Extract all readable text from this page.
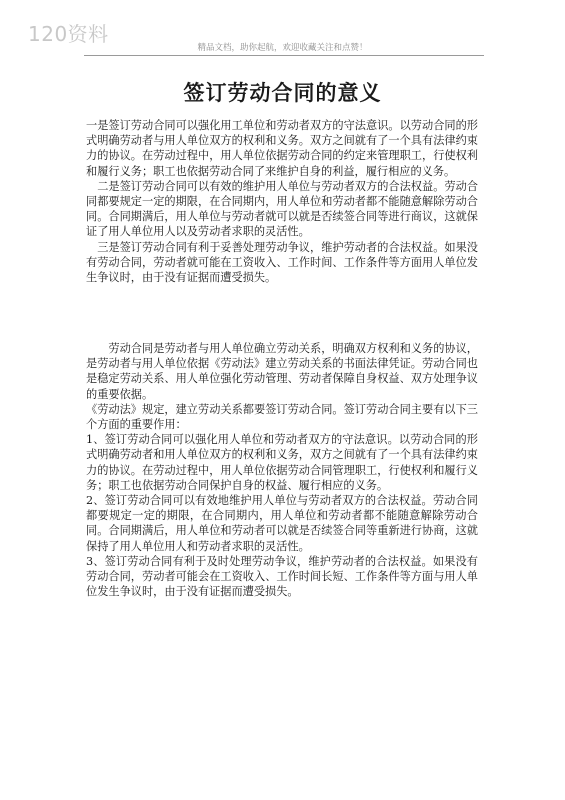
120资料
精品文档，助你起航，欢迎收藏关注和点赞！
签订劳动合同的意义

一是签订劳动合同可以强化用工单位和劳动者双方的守法意识。以劳动合同的形式明确劳动者与用人单位双方的权利和义务。双方之间就有了一个具有法律约束力的协议。在劳动过程中，用人单位依据劳动合同的约定来管理职工，行使权利和履行义务；职工也依据劳动合同了来维护自身的利益，履行相应的义务。

二是签订劳动合同可以有效的维护用人单位与劳动者双方的合法权益。劳动合同都要规定一定的期限，在合同期内，用人单位和劳动者都不能随意解除劳动合同。合同期满后，用人单位与劳动者就可以就是否续签合同等进行商议，这就保证了用人单位用人以及劳动者求职的灵活性。

三是签订劳动合同有利于妥善处理劳动争议，维护劳动者的合法权益。如果没有劳动合同，劳动者就可能在工资收入、工作时间、工作条件等方面用人单位发生争议时，由于没有证据而遭受损失。

劳动合同是劳动者与用人单位确立劳动关系，明确双方权利和义务的协议，是劳动者与用人单位依据《劳动法》建立劳动关系的书面法律凭证。劳动合同也是稳定劳动关系、用人单位强化劳动管理、劳动者保障自身权益、双方处理争议的重要依据。

《劳动法》规定，建立劳动关系都要签订劳动合同。签订劳动合同主要有以下三个方面的重要作用：

1、签订劳动合同可以强化用人单位和劳动者双方的守法意识。以劳动合同的形式明确劳动者和用人单位双方的权利和义务，双方之间就有了一个具有法律约束力的协议。在劳动过程中，用人单位依据劳动合同管理职工，行使权利和履行义务；职工也依据劳动合同保护自身的权益、履行相应的义务。

2、签订劳动合同可以有效地维护用人单位与劳动者双方的合法权益。劳动合同都要规定一定的期限，在合同期内，用人单位和劳动者都不能随意解除劳动合同。合同期满后，用人单位和劳动者可以就是否续签合同等重新进行协商，这就保持了用人单位用人和劳动者求职的灵活性。

3、签订劳动合同有利于及时处理劳动争议，维护劳动者的合法权益。如果没有劳动合同，劳动者可能会在工资收入、工作时间长短、工作条件等方面与用人单位发生争议时，由于没有证据而遭受损失。
